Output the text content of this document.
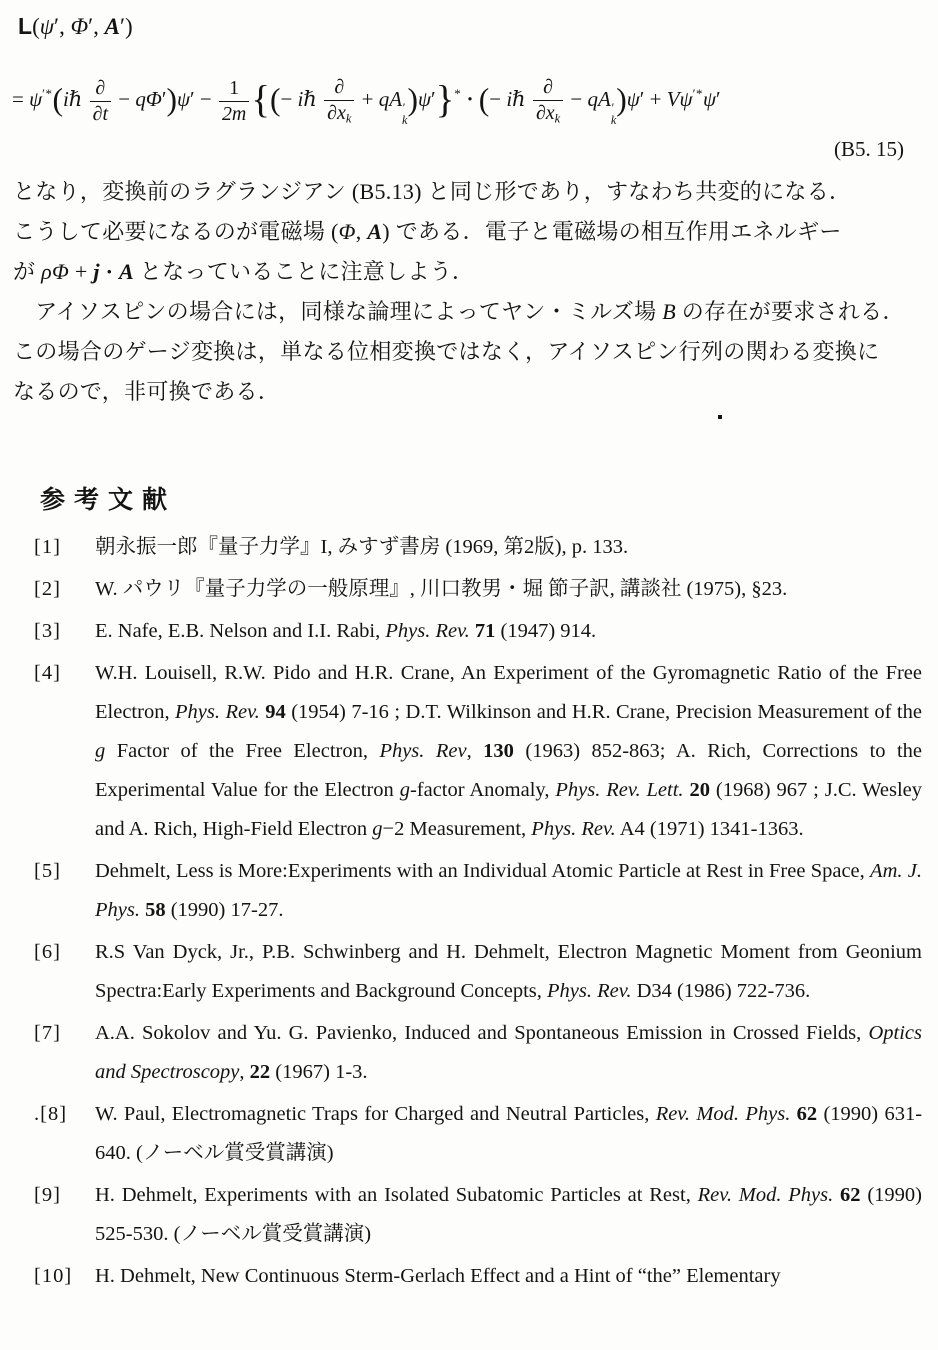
L(ψ′, Φ′, A′)
= ψ′*(iℏ $\frac{\partial}{\partial t} - q\Phi')\psi' - \frac{1}{2m}$ {(− iℏ $\frac{\partial}{\partial x_k}$ + qA ′
k
)ψ′}* · (− iℏ $\frac{\partial}{\partial x_k}$ − qA ′
k
)ψ′ + Vψ′*ψ′
(B5. 15)
となり，変換前のラグランジアン (B5.13) と同じ形であり，すなわち共変的になる．
こうして必要になるのが電磁場 (Φ, A) である．電子と電磁場の相互作用エネルギー
が ρΦ + j · A となっていることに注意しよう．
　アイソスピンの場合には，同様な論理によってヤン・ミルズ場 B の存在が要求される．
この場合のゲージ変換は，単なる位相変換ではなく，アイソスピン行列の関わる変換に
なるので，非可換である．
参考文献
[1]	朝永振一郎『量子力学』I, みすず書房 (1969, 第2版), p. 133.
[2]	W. パウリ『量子力学の一般原理』, 川口教男・堀 節子訳, 講談社 (1975), §23.
[3]	E. Nafe, E.B. Nelson and I.I. Rabi, Phys. Rev. 71 (1947) 914.
[4]	W.H. Louisell, R.W. Pido and H.R. Crane, An Experiment of the Gyromagnetic Ratio of the Free Electron, Phys. Rev. 94 (1954) 7-16 ; D.T. Wilkinson and H.R. Crane, Precision Measurement of the g Factor of the Free Electron, Phys. Rev, 130 (1963) 852-863; A. Rich, Corrections to the Experimental Value for the Electron g-factor Anomaly, Phys. Rev. Lett. 20 (1968) 967 ; J.C. Wesley and A. Rich, High-Field Electron g−2 Measurement, Phys. Rev. A4 (1971) 1341-1363.
[5]	Dehmelt, Less is More:Experiments with an Individual Atomic Particle at Rest in Free Space, Am. J. Phys. 58 (1990) 17-27.
[6]	R.S Van Dyck, Jr., P.B. Schwinberg and H. Dehmelt, Electron Magnetic Moment from Geonium Spectra:Early Experiments and Background Concepts, Phys. Rev. D34 (1986) 722-736.
[7]	A.A. Sokolov and Yu. G. Pavienko, Induced and Spontaneous Emission in Crossed Fields, Optics and Spectroscopy, 22 (1967) 1-3.
.[8]	W. Paul, Electromagnetic Traps for Charged and Neutral Particles, Rev. Mod. Phys. 62 (1990) 631-640. (ノーベル賞受賞講演)
[9]	H. Dehmelt, Experiments with an Isolated Subatomic Particles at Rest, Rev. Mod. Phys. 62 (1990) 525-530. (ノーベル賞受賞講演)
[10]	H. Dehmelt, New Continuous Sterm-Gerlach Effect and a Hint of “the” Elementary
